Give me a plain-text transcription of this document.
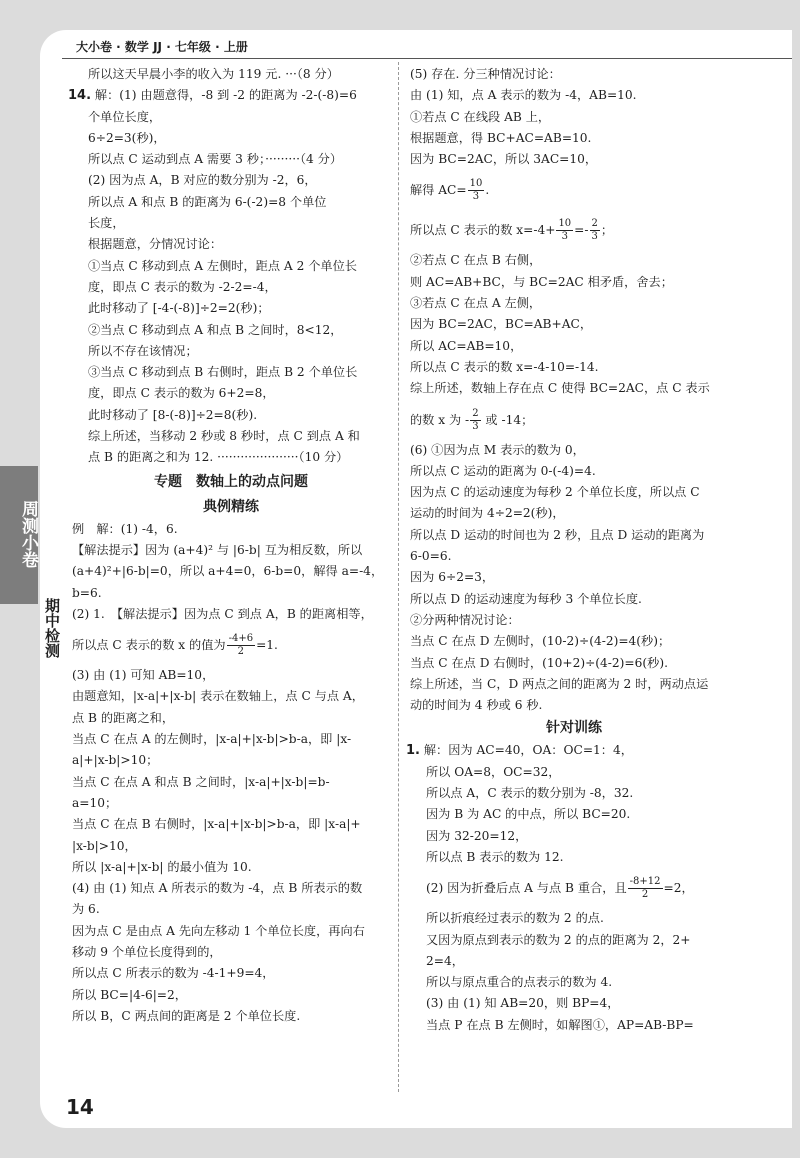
大小卷 · 数学 JJ · 七年级 · 上册
周测小卷
期中检测
所以这天早晨小李的收入为 119 元. ···（8 分）
14. 解：(1) 由题意得，-8 到 -2 的距离为 -2-(-8)=6
个单位长度，
6÷2=3(秒)，
所以点 C 运动到点 A 需要 3 秒；·········（4 分）
(2) 因为点 A，B 对应的数分别为 -2，6，
所以点 A 和点 B 的距离为 6-(-2)=8 个单位
长度，
根据题意，分情况讨论：
①当点 C 移动到点 A 左侧时，距点 A 2 个单位长
度，即点 C 表示的数为 -2-2=-4，
此时移动了 [-4-(-8)]÷2=2(秒)；
②当点 C 移动到点 A 和点 B 之间时，8<12，
所以不存在该情况；
③当点 C 移动到点 B 右侧时，距点 B 2 个单位长
度，即点 C 表示的数为 6+2=8，
此时移动了 [8-(-8)]÷2=8(秒).
综上所述，当移动 2 秒或 8 秒时，点 C 到点 A 和
点 B 的距离之和为 12. ·····················（10 分）
专题　数轴上的动点问题
典例精练
例　解：(1) -4，6.
【解法提示】因为 (a+4)² 与 |6-b| 互为相反数，所以
(a+4)²+|6-b|=0，所以 a+4=0，6-b=0，解得 a=-4，
b=6.
(2) 1.　【解法提示】因为点 C 到点 A，B 的距离相等，
所以点 C 表示的数 x 的值为 $\frac{-4+6}{2} =1$.
(3) 由 (1) 可知 AB=10，
由题意知，|x-a|+|x-b| 表示在数轴上，点 C 与点 A，
点 B 的距离之和，
当点 C 在点 A 的左侧时，|x-a|+|x-b|>b-a，即 |x-
a|+|x-b|>10；
当点 C 在点 A 和点 B 之间时，|x-a|+|x-b|=b-
a=10；
当点 C 在点 B 右侧时，|x-a|+|x-b|>b-a，即 |x-a|+
|x-b|>10，
所以 |x-a|+|x-b| 的最小值为 10.
(4) 由 (1) 知点 A 所表示的数为 -4，点 B 所表示的数
为 6.
因为点 C 是由点 A 先向左移动 1 个单位长度，再向右
移动 9 个单位长度得到的，
所以点 C 所表示的数为 -4-1+9=4，
所以 BC=|4-6|=2，
所以 B，C 两点间的距离是 2 个单位长度.
(5) 存在. 分三种情况讨论：
由 (1) 知，点 A 表示的数为 -4，AB=10.
①若点 C 在线段 AB 上，
根据题意，得 BC+AC=AB=10.
因为 BC=2AC，所以 3AC=10，
解得 $AC= \frac{10}{3}$ .
所以点 C 表示的数 $x=-4+ \frac{10}{3} =- \frac{2}{3}$ ；
②若点 C 在点 B 右侧，
则 AC=AB+BC，与 BC=2AC 相矛盾，舍去；
③若点 C 在点 A 左侧，
因为 BC=2AC，BC=AB+AC，
所以 AC=AB=10，
所以点 C 表示的数 x=-4-10=-14.
综上所述，数轴上存在点 C 使得 BC=2AC，点 C 表示
的数 x 为 - $\frac{2}{3}$ 或 -14；
(6) ①因为点 M 表示的数为 0，
所以点 C 运动的距离为 0-(-4)=4.
因为点 C 的运动速度为每秒 2 个单位长度，所以点 C
运动的时间为 4÷2=2(秒)，
所以点 D 运动的时间也为 2 秒，且点 D 运动的距离为
6-0=6.
因为 6÷2=3，
所以点 D 的运动速度为每秒 3 个单位长度.
②分两种情况讨论：
当点 C 在点 D 左侧时，(10-2)÷(4-2)=4(秒)；
当点 C 在点 D 右侧时，(10+2)÷(4-2)=6(秒).
综上所述，当 C，D 两点之间的距离为 2 时，两动点运
动的时间为 4 秒或 6 秒.
针对训练
1. 解：因为 AC=40，OA：OC=1：4，
所以 OA=8，OC=32，
所以点 A，C 表示的数分别为 -8，32.
因为 B 为 AC 的中点，所以 BC=20.
因为 32-20=12，
所以点 B 表示的数为 12.
(2) 因为折叠后点 A 与点 B 重合，且 $\frac{-8+12}{2} =2$，
所以折痕经过表示的数为 2 的点.
又因为原点到表示的数为 2 的点的距离为 2，2+
2=4，
所以与原点重合的点表示的数为 4.
(3) 由 (1) 知 AB=20，则 BP=4，
当点 P 在点 B 左侧时，如解图①，AP=AB-BP=
14
